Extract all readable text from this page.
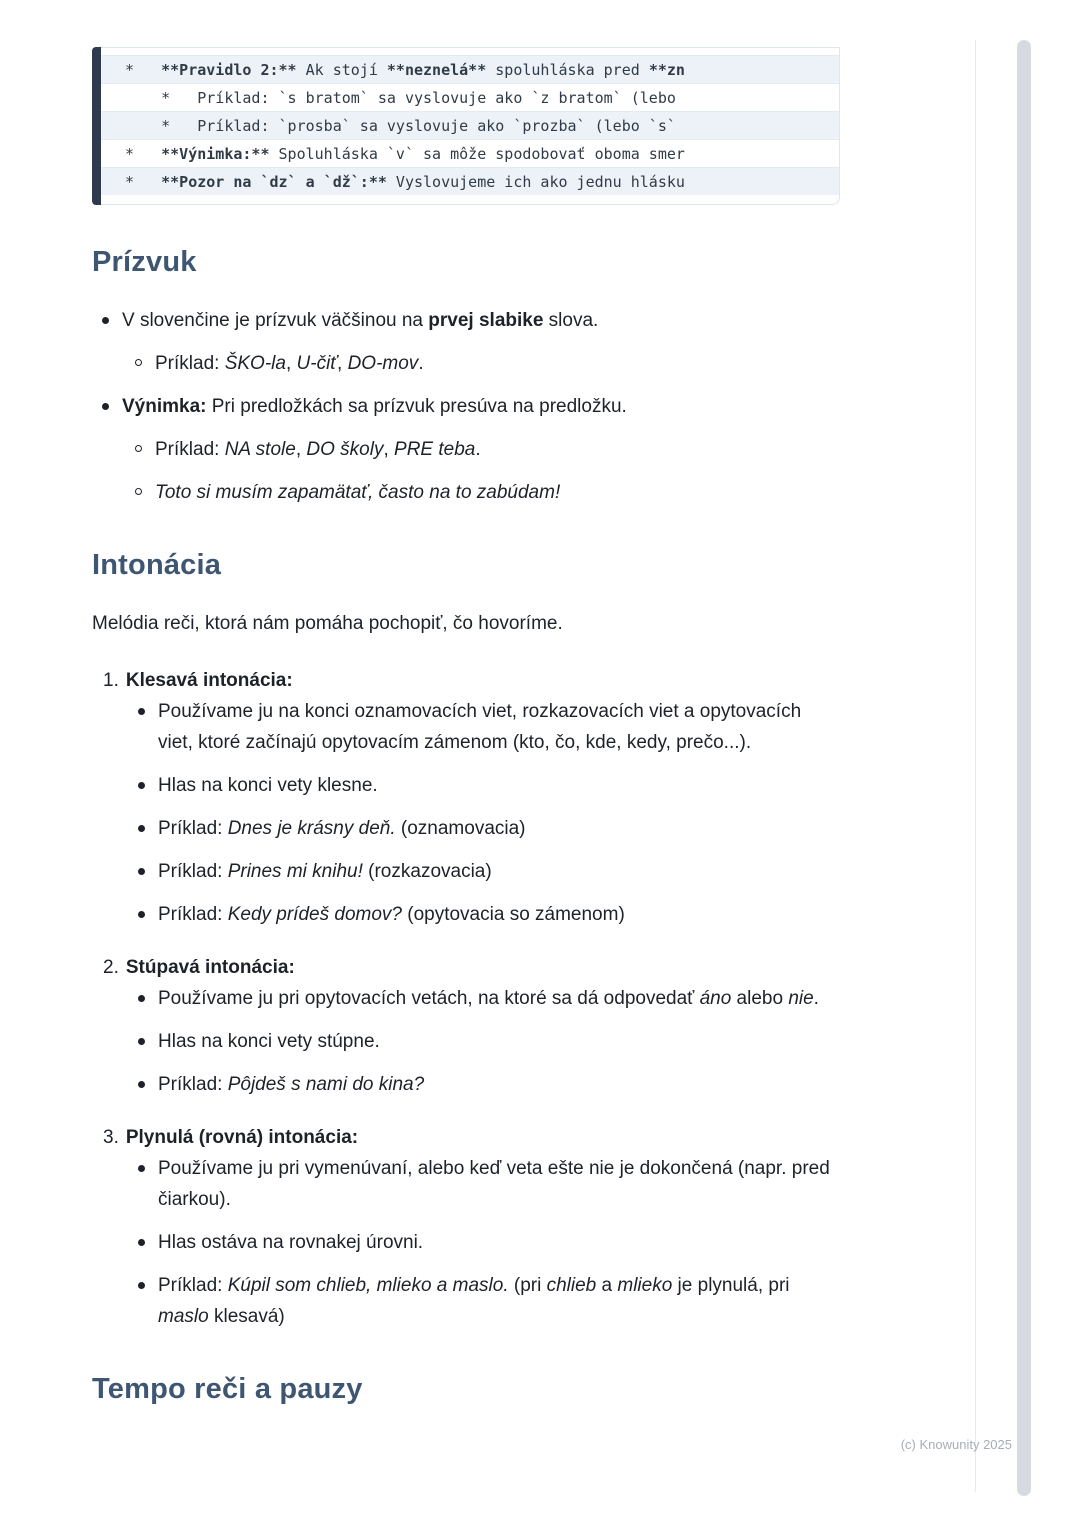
*   **Pravidlo 2:** Ak stojí **neznelá** spoluhláska pred **zn
*   Príklad: `s bratom` sa vyslovuje ako `z bratom` (lebo
*   Príklad: `prosba` sa vyslovuje ako `prozba` (lebo `s`
*   **Výnimka:** Spoluhláska `v` sa môže spodobovať oboma smer
*   **Pozor na `dz` a `dž`:** Vyslovujeme ich ako jednu hlásku
Prízvuk
V slovenčine je prízvuk väčšinou na prvej slabike slova.
Príklad: ŠKO-la, U-čiť, DO-mov.
Výnimka: Pri predložkách sa prízvuk presúva na predložku.
Príklad: NA stole, DO školy, PRE teba.
Toto si musím zapamätať, často na to zabúdam!
Intonácia

Melódia reči, ktorá nám pomáha pochopiť, čo hovoríme.

1. Klesavá intonácia:
Používame ju na konci oznamovacích viet, rozkazovacích viet a opytovacích viet, ktoré začínajú opytovacím zámenom (kto, čo, kde, kedy, prečo...).
Hlas na konci vety klesne.
Príklad: Dnes je krásny deň. (oznamovacia)
Príklad: Prines mi knihu! (rozkazovacia)
Príklad: Kedy prídeš domov? (opytovacia so zámenom)
2. Stúpavá intonácia:
Používame ju pri opytovacích vetách, na ktoré sa dá odpovedať áno alebo nie.
Hlas na konci vety stúpne.
Príklad: Pôjdeš s nami do kina?
3. Plynulá (rovná) intonácia:
Používame ju pri vymenúvaní, alebo keď veta ešte nie je dokončená (napr. pred čiarkou).
Hlas ostáva na rovnakej úrovni.
Príklad: Kúpil som chlieb, mlieko a maslo. (pri chlieb a mlieko je plynulá, pri maslo klesavá)
Tempo reči a pauzy
(c) Knowunity 2025
